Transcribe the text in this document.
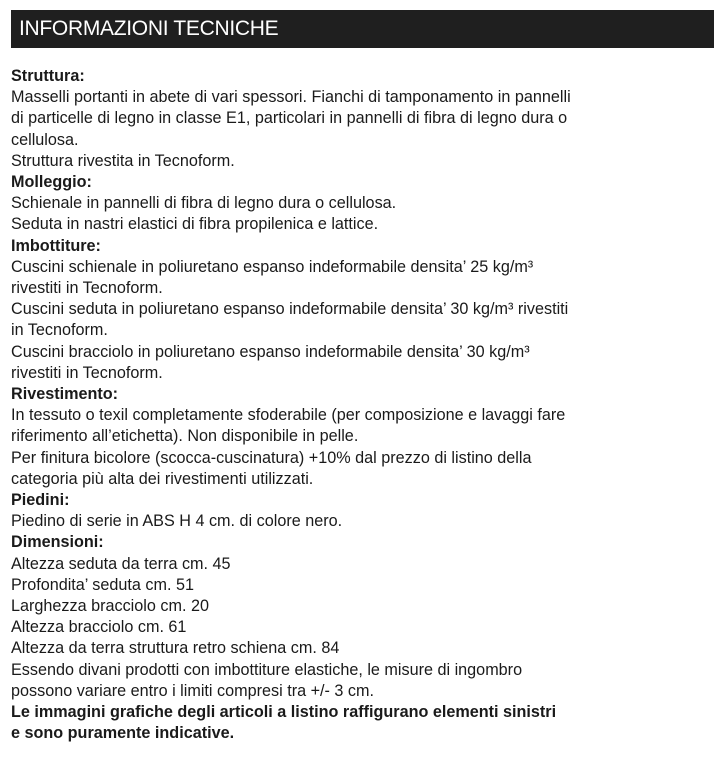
INFORMAZIONI TECNICHE
Struttura:
Masselli portanti in abete di vari spessori. Fianchi di tamponamento in pannelli
di particelle di legno in classe E1, particolari in pannelli di fibra di legno dura o
cellulosa.
Struttura rivestita in Tecnoform.
Molleggio:
Schienale in pannelli di fibra di legno dura o cellulosa.
Seduta in nastri elastici di fibra propilenica e lattice.
Imbottiture:
Cuscini schienale in poliuretano espanso indeformabile densita’ 25 kg/m³
rivestiti in Tecnoform.
Cuscini seduta in poliuretano espanso indeformabile densita’ 30 kg/m³ rivestiti
in Tecnoform.
Cuscini bracciolo in poliuretano espanso indeformabile densita’ 30 kg/m³
rivestiti in Tecnoform.
Rivestimento:
In tessuto o texil completamente sfoderabile (per composizione e lavaggi fare
riferimento all’etichetta). Non disponibile in pelle.
Per finitura bicolore (scocca-cuscinatura) +10% dal prezzo di listino della
categoria più alta dei rivestimenti utilizzati.
Piedini:
Piedino di serie in ABS H 4 cm. di colore nero.
Dimensioni:
Altezza seduta da terra cm. 45
Profondita’ seduta cm. 51
Larghezza bracciolo cm. 20
Altezza bracciolo cm. 61
Altezza da terra struttura retro schiena cm. 84
Essendo divani prodotti con imbottiture elastiche, le misure di ingombro
possono variare entro i limiti compresi tra +/- 3 cm.
Le immagini grafiche degli articoli a listino raffigurano elementi sinistri
e sono puramente indicative.
